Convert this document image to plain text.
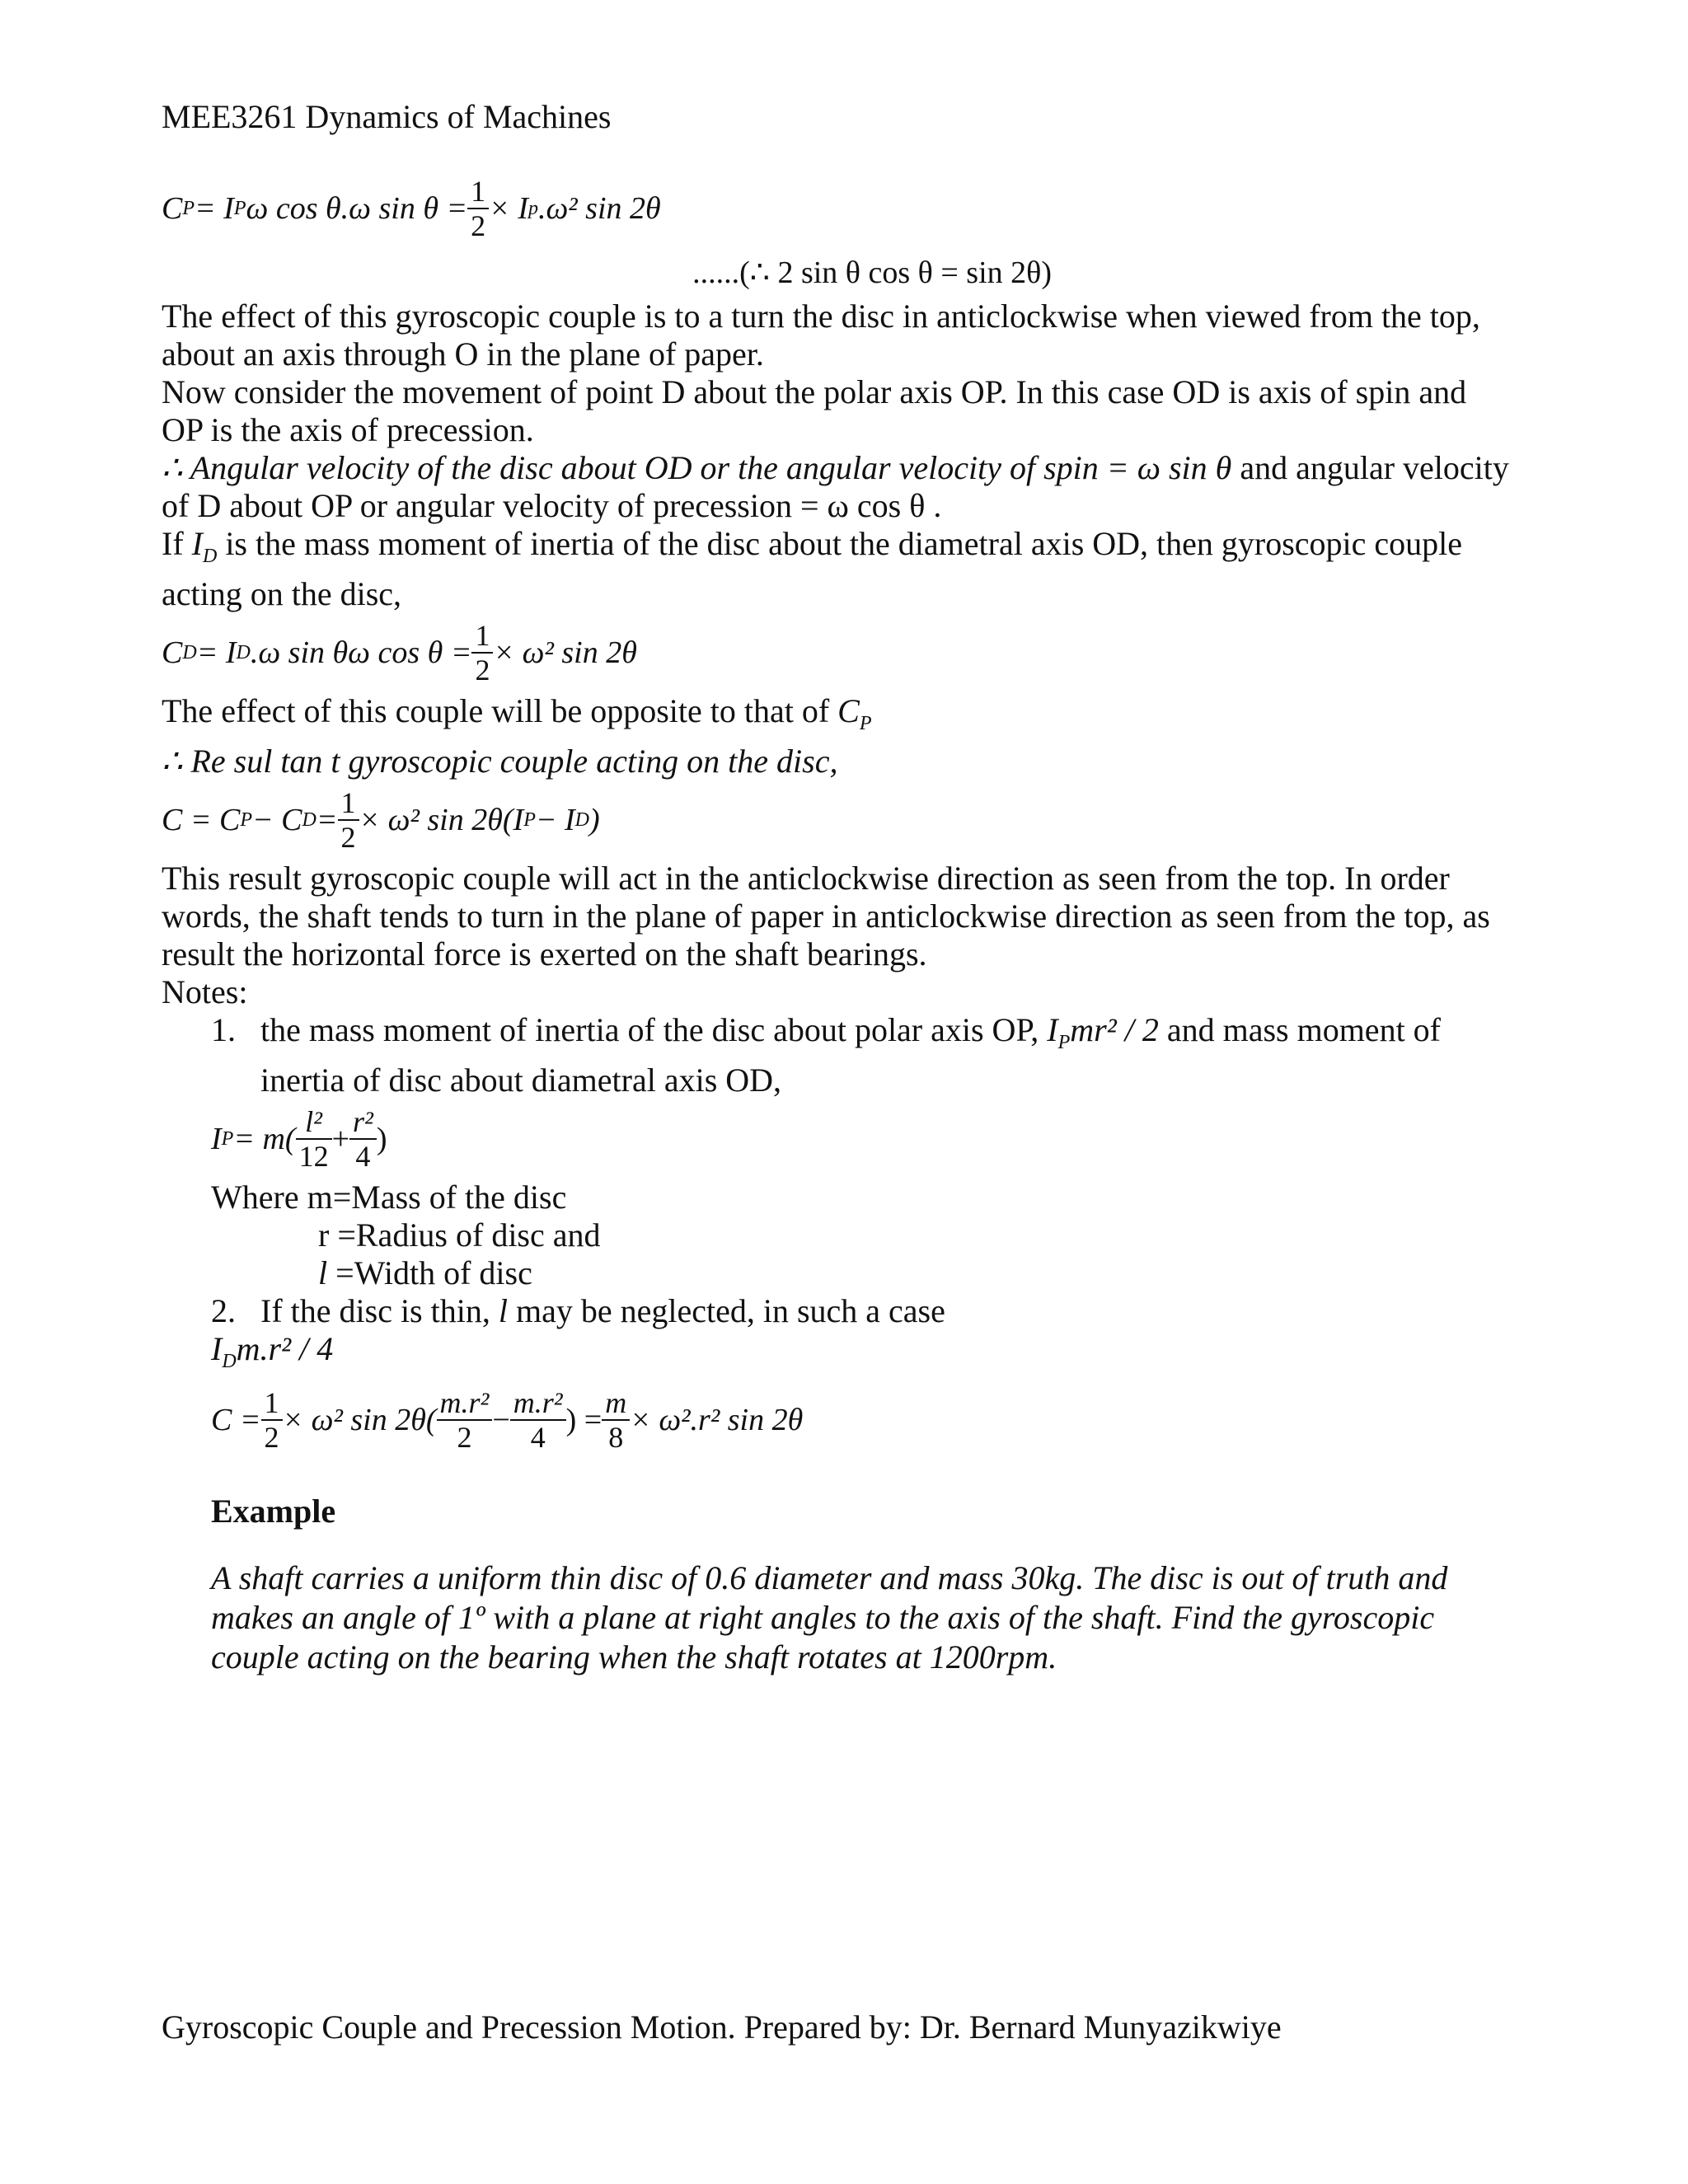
MEE3261 Dynamics of Machines
C P = I P ω cos θ.ω $\sin \theta = \frac{1}{2} \times I$ p .ω² sin 2θ
......(∴ 2 sin θ cos θ = sin 2θ)

The effect of this gyroscopic couple is to a turn the disc in anticlockwise when viewed from the top, about an axis through O in the plane of paper.

Now consider the movement of point D about the polar axis OP. In this case OD is axis of spin and OP is the axis of precession.

∴ Angular velocity of the disc about OD or the angular velocity of spin = ω sin θ and angular velocity of D about OP or angular velocity of precession = ω cos θ .

If $I_D$ is the mass moment of inertia of the disc about the diametral axis OD, then gyroscopic couple acting on the disc,

C D = I D .ω sin θω $\cos \theta = \frac{1}{2} \times \omega^2$ sin 2θ

The effect of this couple will be opposite to that of $C_P$

∴ Re sul tan t gyroscopic couple acting on the disc,

C = C P − C $D = \frac{1}{2} \times \omega^2$ sin 2θ(I P − I D )

This result gyroscopic couple will act in the anticlockwise direction as seen from the top. In order words, the shaft tends to turn in the plane of paper in anticlockwise direction as seen from the top, as result the horizontal force is exerted on the shaft bearings.

Notes:

1. the mass moment of inertia of the disc about polar axis OP, $I_Pmr^2 / 2$ and mass moment of inertia of disc about diametral axis OD,
I $P = m( \frac{\text{l²}}{12} + \frac{\text{r²}}{4}$ )

Where m=Mass of the disc

r =Radius of disc and

l =Width of disc

2. If the disc is thin, l may be neglected, in such a case

$I_Dm.r^2 / 4$

$C = \frac{1}{2} \times \omega^2$ $\sin 2\theta( \frac{\text{m.r²}}{2} - \frac{\text{m.r²}}{4}$ ) = $\frac{m}{8} \times \omega^2.r^2$ sin 2θ
Example

A shaft carries a uniform thin disc of 0.6 diameter and mass 30kg. The disc is out of truth and makes an angle of 1º with a plane at right angles to the axis of the shaft. Find the gyroscopic couple acting on the bearing when the shaft rotates at 1200rpm.

Gyroscopic Couple and Precession Motion. Prepared by: Dr. Bernard Munyazikwiye
